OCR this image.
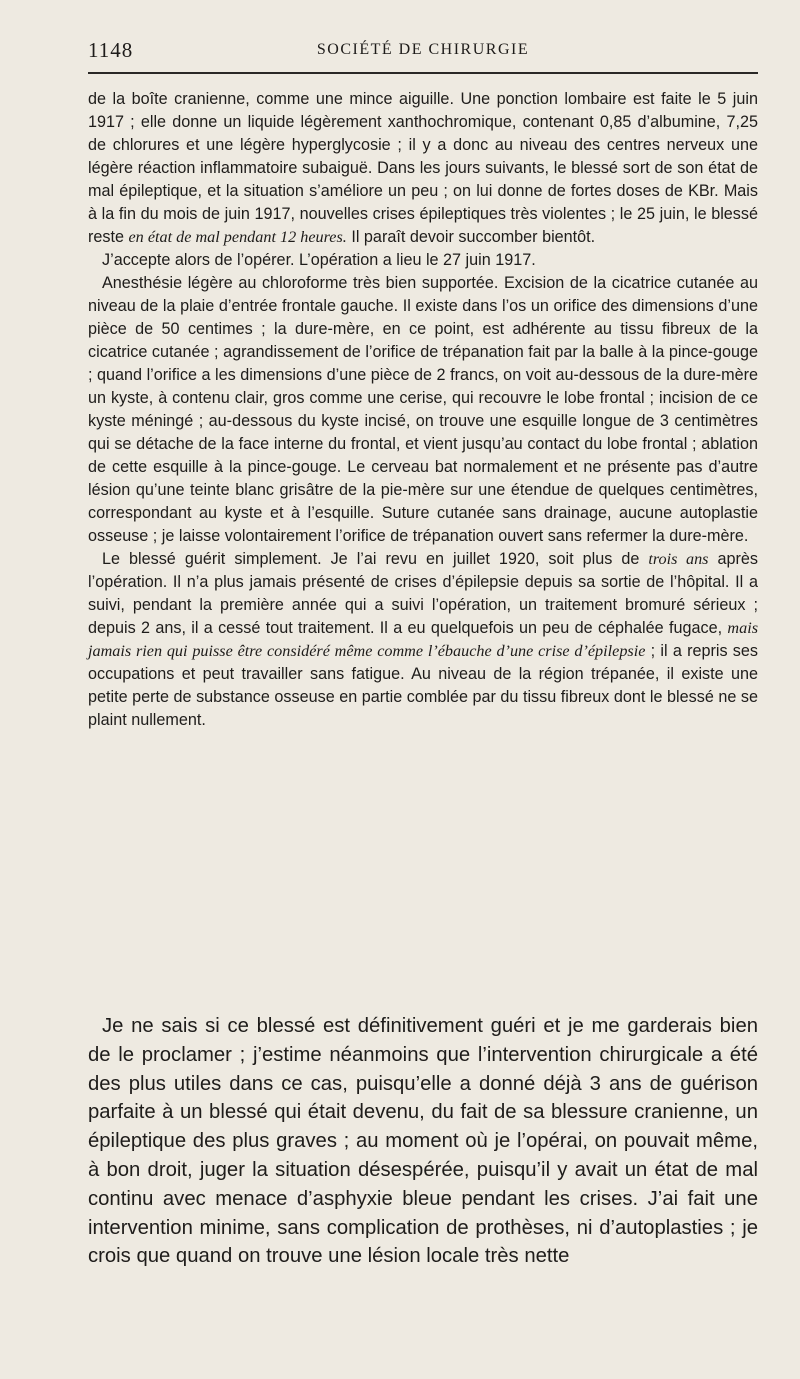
1148	SOCIÉTÉ DE CHIRURGIE

de la boîte cranienne, comme une mince aiguille. Une ponction lombaire est faite le 5 juin 1917 ; elle donne un liquide légèrement xanthochromique, contenant 0,85 d’albumine, 7,25 de chlorures et une légère hyperglycosie ; il y a donc au niveau des centres nerveux une légère réaction inflammatoire subaiguë. Dans les jours suivants, le blessé sort de son état de mal épileptique, et la situation s’améliore un peu ; on lui donne de fortes doses de KBr. Mais à la fin du mois de juin 1917, nouvelles crises épileptiques très violentes ; le 25 juin, le blessé reste en état de mal pendant 12 heures. Il paraît devoir succomber bientôt.

J’accepte alors de l’opérer. L’opération a lieu le 27 juin 1917.

Anesthésie légère au chloroforme très bien supportée. Excision de la cicatrice cutanée au niveau de la plaie d’entrée frontale gauche. Il existe dans l’os un orifice des dimensions d’une pièce de 50 centimes ; la dure-mère, en ce point, est adhérente au tissu fibreux de la cicatrice cutanée ; agrandissement de l’orifice de trépanation fait par la balle à la pince-gouge ; quand l’orifice a les dimensions d’une pièce de 2 francs, on voit au-dessous de la dure-mère un kyste, à contenu clair, gros comme une cerise, qui recouvre le lobe frontal ; incision de ce kyste méningé ; au-dessous du kyste incisé, on trouve une esquille longue de 3 centimètres qui se détache de la face interne du frontal, et vient jusqu’au contact du lobe frontal ; ablation de cette esquille à la pince-gouge. Le cerveau bat normalement et ne présente pas d’autre lésion qu’une teinte blanc grisâtre de la pie-mère sur une étendue de quelques centimètres, correspondant au kyste et à l’esquille. Suture cutanée sans drainage, aucune autoplastie osseuse ; je laisse volontairement l’orifice de trépanation ouvert sans refermer la dure-mère.

Le blessé guérit simplement. Je l’ai revu en juillet 1920, soit plus de trois ans après l’opération. Il n’a plus jamais présenté de crises d’épilepsie depuis sa sortie de l’hôpital. Il a suivi, pendant la première année qui a suivi l’opération, un traitement bromuré sérieux ; depuis 2 ans, il a cessé tout traitement. Il a eu quelquefois un peu de céphalée fugace, mais jamais rien qui puisse être considéré même comme l’ébauche d’une crise d’épilepsie ; il a repris ses occupations et peut travailler sans fatigue. Au niveau de la région trépanée, il existe une petite perte de substance osseuse en partie comblée par du tissu fibreux dont le blessé ne se plaint nullement.

Je ne sais si ce blessé est définitivement guéri et je me garderais bien de le proclamer ; j’estime néanmoins que l’intervention chirurgicale a été des plus utiles dans ce cas, puisqu’elle a donné déjà 3 ans de guérison parfaite à un blessé qui était devenu, du fait de sa blessure cranienne, un épileptique des plus graves ; au moment où je l’opérai, on pouvait même, à bon droit, juger la situation désespérée, puisqu’il y avait un état de mal continu avec menace d’asphyxie bleue pendant les crises. J’ai fait une intervention minime, sans complication de prothèses, ni d’autoplasties ; je crois que quand on trouve une lésion locale très nette
